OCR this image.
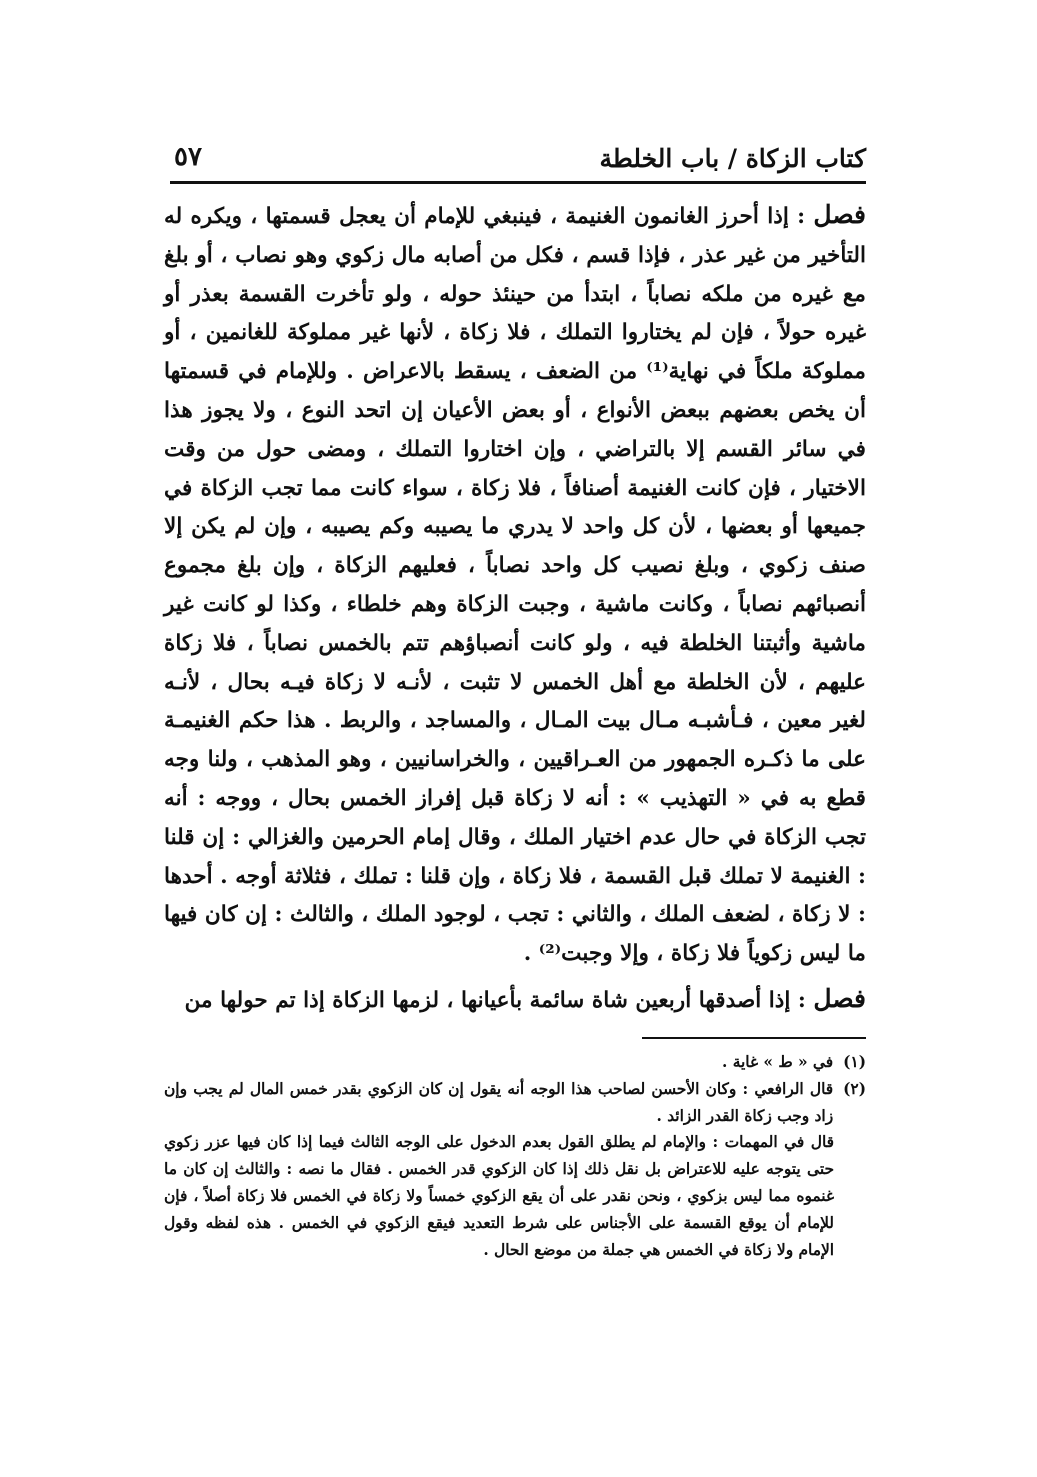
كتاب الزكاة / باب الخلطة
٥٧

فصل : إذا أحرز الغانمون الغنيمة ، فينبغي للإمام أن يعجل قسمتها ، ويكره له التأخير من غير عذر ، فإذا قسم ، فكل من أصابه مال زكوي وهو نصاب ، أو بلغ مع غيره من ملكه نصاباً ، ابتدأ من حينئذ حوله ، ولو تأخرت القسمة بعذر أو غيره حولاً ، فإن لم يختاروا التملك ، فلا زكاة ، لأنها غير مملوكة للغانمين ، أو مملوكة ملكاً في نهاية⁽¹⁾ من الضعف ، يسقط بالاعراض . وللإمام في قسمتها أن يخص بعضهم ببعض الأنواع ، أو بعض الأعيان إن اتحد النوع ، ولا يجوز هذا في سائر القسم إلا بالتراضي ، وإن اختاروا التملك ، ومضى حول من وقت الاختيار ، فإن كانت الغنيمة أصنافاً ، فلا زكاة ، سواء كانت مما تجب الزكاة في جميعها أو بعضها ، لأن كل واحد لا يدري ما يصيبه وكم يصيبه ، وإن لم يكن إلا صنف زكوي ، وبلغ نصيب كل واحد نصاباً ، فعليهم الزكاة ، وإن بلغ مجموع أنصبائهم نصاباً ، وكانت ماشية ، وجبت الزكاة وهم خلطاء ، وكذا لو كانت غير ماشية وأثبتنا الخلطة فيه ، ولو كانت أنصباؤهم تتم بالخمس نصاباً ، فلا زكاة عليهم ، لأن الخلطة مع أهل الخمس لا تثبت ، لأنـه لا زكاة فيـه بحال ، لأنـه لغير معين ، فـأشبـه مـال بيت المـال ، والمساجد ، والربط . هذا حكم الغنيمـة على ما ذكـره الجمهور من العـراقيين ، والخراسانيين ، وهو المذهب ، ولنا وجه قطع به في « التهذيب » : أنه لا زكاة قبل إفراز الخمس بحال ، ووجه : أنه تجب الزكاة في حال عدم اختيار الملك ، وقال إمام الحرمين والغزالي : إن قلنا : الغنيمة لا تملك قبل القسمة ، فلا زكاة ، وإن قلنا : تملك ، فثلاثة أوجه . أحدها : لا زكاة ، لضعف الملك ، والثاني : تجب ، لوجود الملك ، والثالث : إن كان فيها ما ليس زكوياً فلا زكاة ، وإلا وجبت⁽²⁾ .

فصل : إذا أصدقها أربعين شاة سائمة بأعيانها ، لزمها الزكاة إذا تم حولها من

(١)
في « ط » غاية .
(٢)
قال الرافعي : وكان الأحسن لصاحب هذا الوجه أنه يقول إن كان الزكوي بقدر خمس المال لم يجب وإن زاد وجب زكاة القدر الزائد .
قال في المهمات : والإمام لم يطلق القول بعدم الدخول على الوجه الثالث فيما إذا كان فيها عزر زكوي حتى يتوجه عليه للاعتراض بل نقل ذلك إذا كان الزكوي قدر الخمس . فقال ما نصه : والثالث إن كان ما غنموه مما ليس بزكوي ، ونحن نقدر على أن يقع الزكوي خمساً ولا زكاة في الخمس فلا زكاة أصلاً ، فإن للإمام أن يوقع القسمة على الأجناس على شرط التعديد فيقع الزكوي في الخمس . هذه لفظه وقول الإمام ولا زكاة في الخمس هي جملة من موضع الحال .
